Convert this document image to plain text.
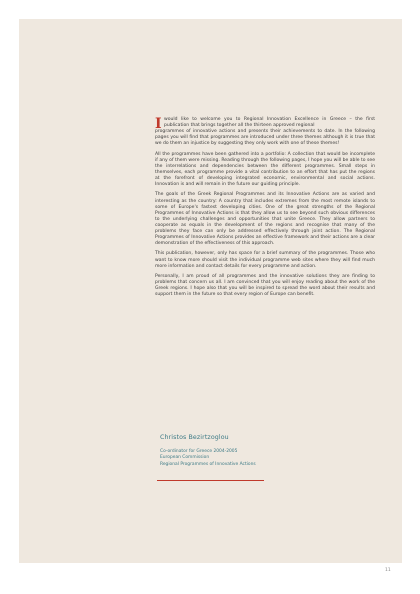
I would like to welcome you to Regional Innovation Excellence in Greece – the first publication that brings together all the thirteen approved regional
programmes of innovative actions and presents their achievements to date. In the following pages you will find that programmes are introduced under three themes although it is true that we do them an injustice by suggesting they only work with one of these themes!

All the programmes have been gathered into a portfolio: A collection that would be incomplete if any of them were missing. Reading through the following pages, I hope you will be able to see the interrelations and dependencies between the different programmes. Small steps in themselves, each programme provide a vital contribution to an effort that has put the regions at the forefront of developing integrated economic, environmental and social actions. Innovation is and will remain in the future our guiding principle.

The goals of the Greek Regional Programmes and its Innovative Actions are as varied and interesting as the country: A country that includes extremes from the most remote islands to some of Europe's fastest developing cities. One of the great strengths of the Regional Programmes of Innovative Actions is that they allow us to see beyond such obvious differences to the underlying challenges and opportunities that unite Greece. They allow partners to cooperate as equals in the development of the regions and recognise that many of the problems they face can only be addressed effectively through joint action. The Regional Programmes of Innovative Actions provides an effective framework and their actions are a clear demonstration of the effectiveness of this approach.

This publication, however, only has space for a brief summary of the programmes. Those who want to know more should visit the individual programme web sites where they will find much more information and contact details for every programme and action.

Personally, I am proud of all programmes and the innovative solutions they are finding to problems that concern us all. I am convinced that you will enjoy reading about the work of the Greek regions. I hope also that you will be inspired to spread the word about their results and support them in the future so that every region of Europe can benefit.

Christos Bezirtzoglou
Co-ordinator for Greece 2004-2005
European Commission
Regional Programmes of Innovative Actions
11
